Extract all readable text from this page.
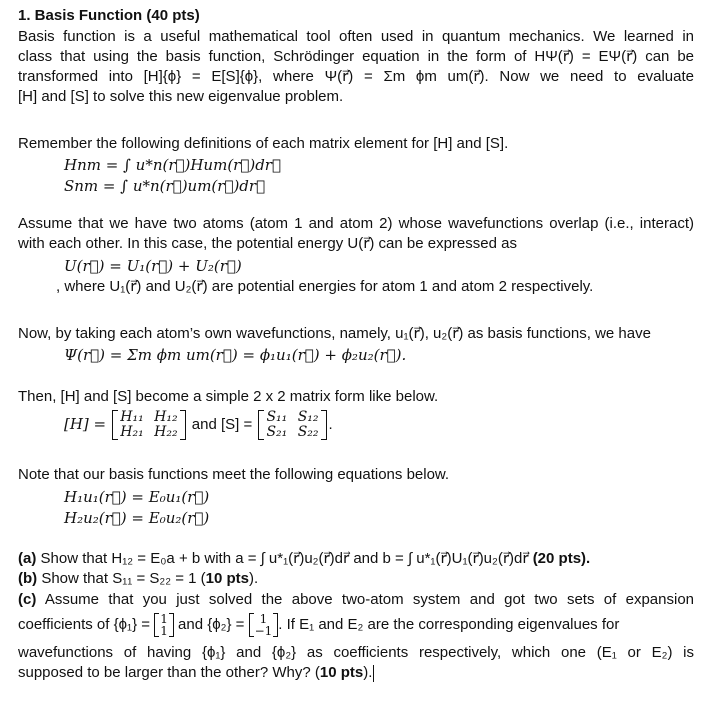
1. Basis Function (40 pts)
Basis function is a useful mathematical tool often used in quantum mechanics. We learned in
class that using the basis function, Schrödinger equation in the form of HΨ(r⃗) = EΨ(r⃗) can be
transformed into [H]{ϕ} = E[S]{ϕ}, where Ψ(r⃗) = Σm ϕm um(r⃗). Now we need to evaluate
[H] and [S] to solve this new eigenvalue problem.
Remember the following definitions of each matrix element for [H] and [S].
Hnm = ∫ u*n(r⃗)Hum(r⃗)dr⃗
Snm = ∫ u*n(r⃗)um(r⃗)dr⃗
Assume that we have two atoms (atom 1 and atom 2) whose wavefunctions overlap (i.e., interact)
with each other. In this case, the potential energy U(r⃗) can be expressed as
U(r⃗) = U₁(r⃗) + U₂(r⃗)
, where U₁(r⃗) and U₂(r⃗) are potential energies for atom 1 and atom 2 respectively.
Now, by taking each atom’s own wavefunctions, namely, u₁(r⃗), u₂(r⃗) as basis functions, we have
Ψ(r⃗) = Σm ϕm um(r⃗) = ϕ₁u₁(r⃗) + ϕ₂u₂(r⃗).
Then, [H] and [S] become a simple 2 x 2 matrix form like below.
[H] = H₁₁ H₁₂
H₂₁ H₂₂ and [S] = S₁₁ S₁₂
S₂₁ S₂₂ .
Note that our basis functions meet the following equations below.
H₁u₁(r⃗) = E₀u₁(r⃗)
H₂u₂(r⃗) = E₀u₂(r⃗)
(a) Show that H₁₂ = E₀a + b with a = ∫ u*₁(r⃗)u₂(r⃗)dr⃗ and b = ∫ u*₁(r⃗)U₁(r⃗)u₂(r⃗)dr⃗ (20 pts).
(b) Show that S₁₁ = S₂₂ = 1 (10 pts).
(c) Assume that you just solved the above two-atom system and got two sets of expansion
coefficients of {ϕ₁} = 1
1 and {ϕ₂} =	1
−1 . If E₁ and E₂ are the corresponding eigenvalues for
wavefunctions of having {ϕ₁} and {ϕ₂} as coefficients respectively, which one (E₁ or E₂) is
supposed to be larger than the other? Why? (10 pts).
